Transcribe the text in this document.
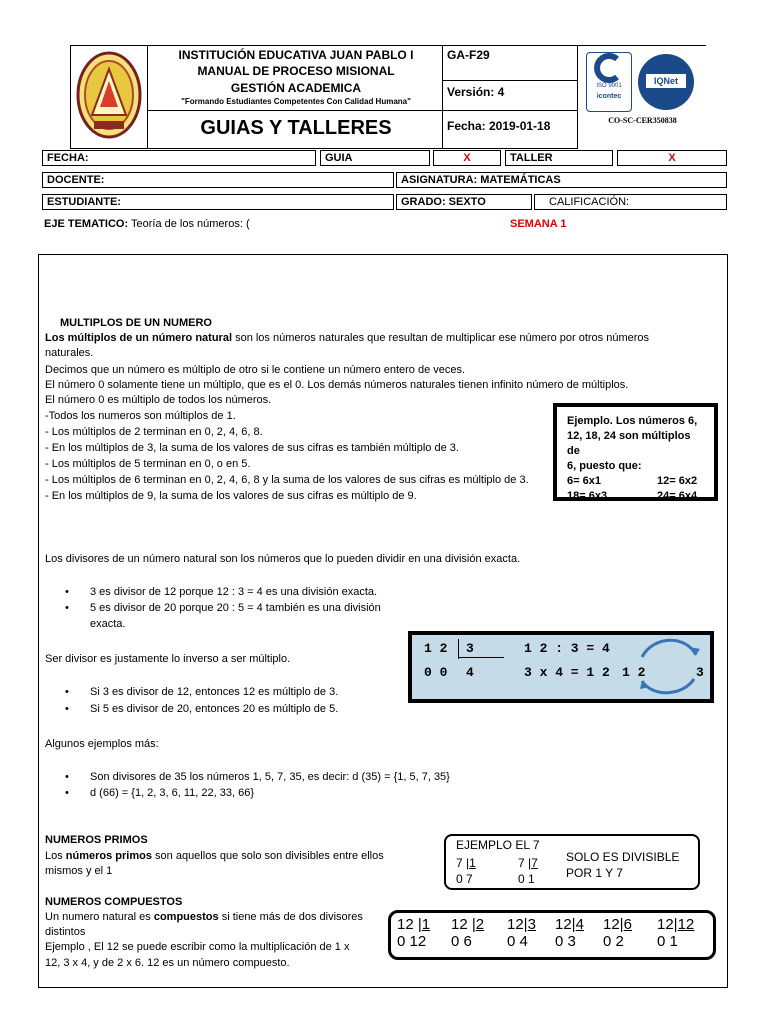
INSTITUCIÓN EDUCATIVA JUAN PABLO I
MANUAL DE PROCESO MISIONAL
GESTIÓN ACADEMICA
"Formando Estudiantes Competentes Con Calidad Humana"
GUIAS Y TALLERES
GA-F29
Versión: 4
Fecha: 2019-01-18
ISO 9001
icontec
IQNet
CO-SC-CER350838
FECHA:	GUIA	X	TALLER	X
DOCENTE:	ASIGNATURA: MATEMÁTICAS
ESTUDIANTE:	GRADO: SEXTO	CALIFICACIÓN:
EJE TEMATICO: Teoría de los números: (	SEMANA 1
MULTIPLOS DE UN NUMERO
Los múltiplos de un número natural son los números naturales que resultan de multiplicar ese número por otros números
naturales.
Decimos que un número es múltiplo de otro si le contiene un número entero de veces.
El número 0 solamente tiene un múltiplo, que es el 0. Los demás números naturales tienen infinito número de múltiplos.
El número 0 es múltiplo de todos los números.
-Todos los numeros son múltiplos de 1.
- Los múltiplos de 2 terminan en 0, 2, 4, 6, 8.
- En los múltiplos de 3, la suma de los valores de sus cifras es también múltiplo de 3.
- Los múltiplos de 5 terminan en 0, o en 5.
- Los múltiplos de 6 terminan en 0, 2, 4, 6, 8 y la suma de los valores de sus cifras es múltiplo de 3.
- En los múltiplos de 9, la suma de los valores de sus cifras es múltiplo de 9.
Ejemplo. Los números 6,
12, 18, 24 son múltiplos de
6, puesto que:
6= 6x1	12= 6x2
18= 6x3	24= 6x4
Los divisores de un número natural son los números que lo pueden dividir en una división exacta.
• 3 es divisor de 12 porque 12 : 3 = 4 es una división exacta.
• 5 es divisor de 20 porque 20 : 5 = 4 también es una división
exacta.
Ser divisor es justamente lo inverso a ser múltiplo.
• Si 3 es divisor de 12, entonces 12 es múltiplo de 3.
• Si 5 es divisor de 20, entonces 20 es múltiplo de 5.
1 2 3
0 0 4
1 2 : 3 = 4
3 x 4 = 1 2 1 2	3
Algunos ejemplos más:
• Son divisores de 35 los números 1, 5, 7, 35, es decir: d (35) = {1, 5, 7, 35}
• d (66) = {1, 2, 3, 6, 11, 22, 33, 66}
NUMEROS PRIMOS
Los números primos son aquellos que solo son divisibles entre ellos
mismos y el 1
EJEMPLO EL 7
7 |1	7 |7
0 7	0 1
SOLO ES DIVISIBLE
POR 1 Y 7
NUMEROS COMPUESTOS
Un numero natural es compuestos si tiene más de dos divisores
distintos
Ejemplo , El 12 se puede escribir como la multiplicación de 1 x
12, 3 x 4, y de 2 x 6. 12 es un número compuesto.
12 |1
0 12
12 |2
0 6
12|3
0 4
12|4
0 3
12|6
0 2
12|12
0 1
